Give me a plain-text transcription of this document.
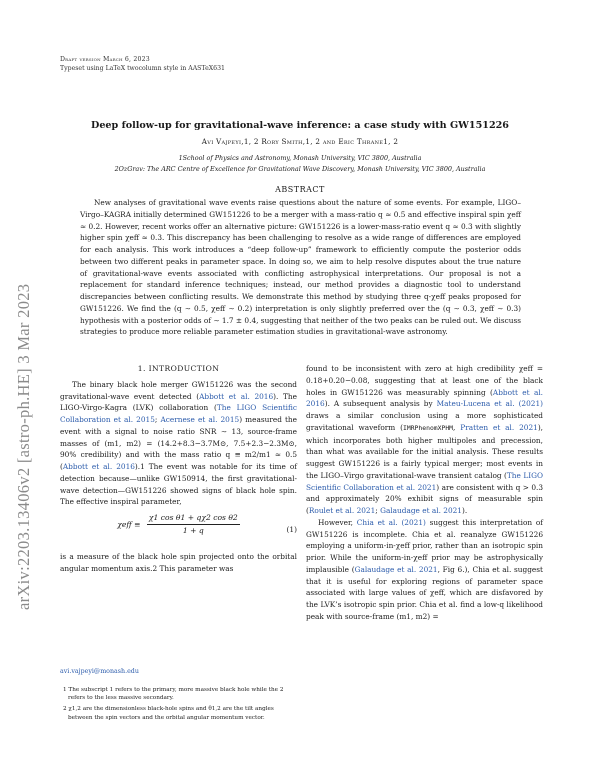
Draft version March 6, 2023
Typeset using LaTeX twocolumn style in AASTeX631
arXiv:2203.13406v2 [astro-ph.HE] 3 Mar 2023
Deep follow-up for gravitational-wave inference: a case study with GW151226
Avi Vajpeyi,1, 2 Rory Smith,1, 2 and Eric Thrane1, 2
1School of Physics and Astronomy, Monash University, VIC 3800, Australia
2OzGrav: The ARC Centre of Excellence for Gravitational Wave Discovery, Monash University, VIC 3800, Australia
ABSTRACT

New analyses of gravitational wave events raise questions about the nature of some events. For example, LIGO–Virgo–KAGRA initially determined GW151226 to be a merger with a mass-ratio q ≈ 0.5 and effective inspiral spin χeff ≈ 0.2. However, recent works offer an alternative picture: GW151226 is a lower-mass-ratio event q ≈ 0.3 with slightly higher spin χeff ≈ 0.3. This discrepancy has been challenging to resolve as a wide range of differences are employed for each analysis. This work introduces a “deep follow-up” framework to efficiently compute the posterior odds between two different peaks in parameter space. In doing so, we aim to help resolve disputes about the true nature of gravitational-wave events associated with conflicting astrophysical interpretations. Our proposal is not a replacement for standard inference techniques; instead, our method provides a diagnostic tool to understand discrepancies between conflicting results. We demonstrate this method by studying three q-χeff peaks proposed for GW151226. We find the (q ∼ 0.5, χeff ∼ 0.2) interpretation is only slightly preferred over the (q ∼ 0.3, χeff ∼ 0.3) hypothesis with a posterior odds of ∼ 1.7 ± 0.4, suggesting that neither of the two peaks can be ruled out. We discuss strategies to produce more reliable parameter estimation studies in gravitational-wave astronomy.

1. INTRODUCTION

The binary black hole merger GW151226 was the second gravitational-wave event detected (Abbott et al. 2016). The LIGO-Virgo-Kagra (LVK) collaboration (The LIGO Scientific Collaboration et al. 2015; Acernese et al. 2015) measured the event with a signal to noise ratio SNR ∼ 13, source-frame masses of (m1, m2) = (14.2+8.3−3.7M⊙, 7.5+2.3−2.3M⊙, 90% credibility) and with the mass ratio q ≡ m2/m1 ≈ 0.5 (Abbott et al. 2016).1 The event was notable for its time of detection because—unlike GW150914, the first gravitational-wave detection—GW151226 showed signs of black hole spin. The effective inspiral parameter,

$\chi eff \equiv \frac{\text{χ1 cos θ1 + qχ2 cos θ2}}{1 + q}$	(1)

is a measure of the black hole spin projected onto the orbital angular momentum axis.2 This parameter was

found to be inconsistent with zero at high credibility χeff = 0.18+0.20−0.08, suggesting that at least one of the black holes in GW151226 was measurably spinning (Abbott et al. 2016). A subsequent analysis by Mateu-Lucena et al. (2021) draws a similar conclusion using a more sophisticated gravitational waveform (IMRPhenomXPHM, Pratten et al. 2021), which incorporates both higher multipoles and precession, than what was available for the initial analysis. These results suggest GW151226 is a fairly typical merger; most events in the LIGO–Virgo gravitational-wave transient catalog (The LIGO Scientific Collaboration et al. 2021) are consistent with q > 0.3 and approximately 20% exhibit signs of measurable spin (Roulet et al. 2021; Galaudage et al. 2021).

However, Chia et al. (2021) suggest this interpretation of GW151226 is incomplete. Chia et al. reanalyze GW151226 employing a uniform-in-χeff prior, rather than an isotropic spin prior. While the uniform-in-χeff prior may be astrophysically implausible (Galaudage et al. 2021, Fig 6.), Chia et al. suggest that it is useful for exploring regions of parameter space associated with large values of χeff, which are disfavored by the LVK’s isotropic spin prior. Chia et al. find a low-q likelihood peak with source-frame (m1, m2) =

avi.vajpeyi@monash.edu

1 The subscript 1 refers to the primary, more massive black hole while the 2 refers to the less massive secondary.

2 χ1,2 are the dimensionless black-hole spins and θ1,2 are the tilt angles between the spin vectors and the orbital angular momentum vector.
